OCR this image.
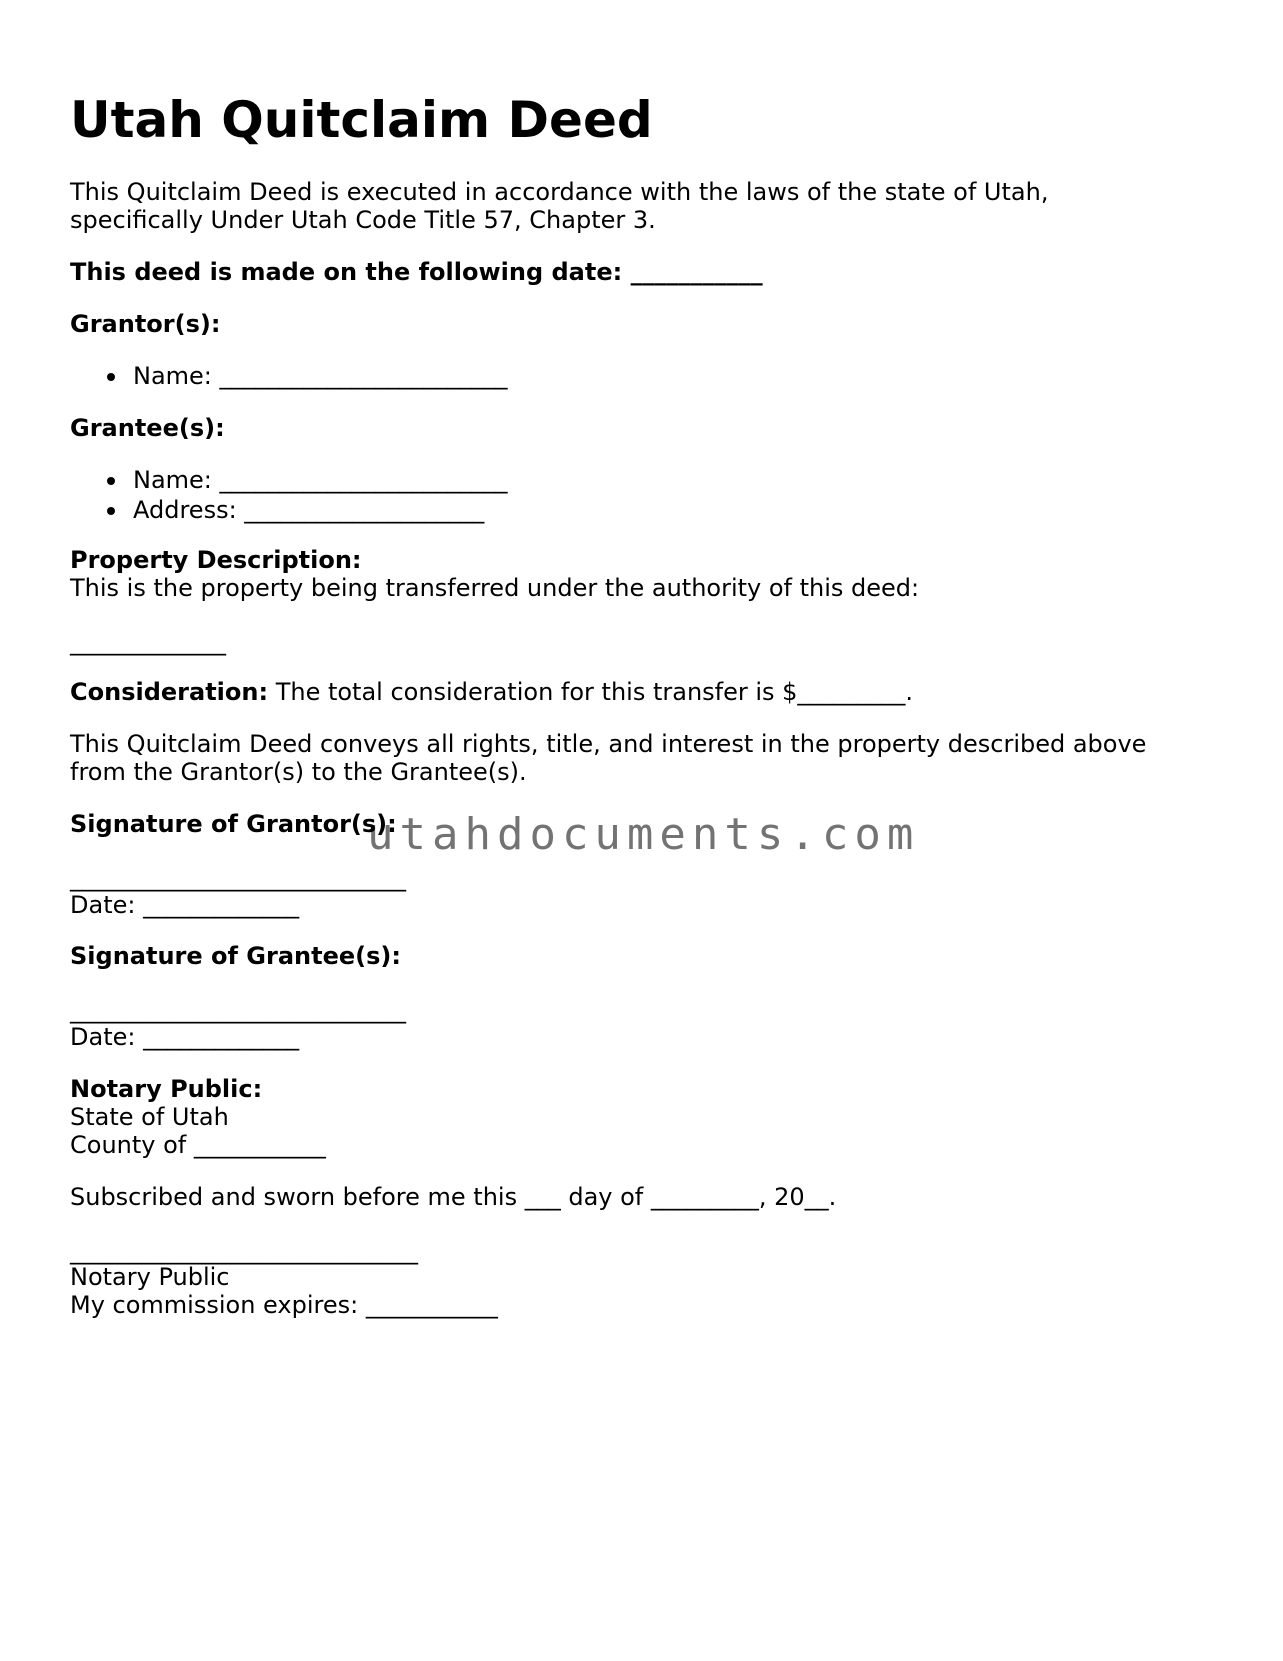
Utah Quitclaim Deed
This Quitclaim Deed is executed in accordance with the laws of the state of Utah,
specifically Under Utah Code Title 57, Chapter 3.
This deed is made on the following date: ___________
Grantor(s):
Name: ________________________
Grantee(s):
Name: ________________________
Address: ____________________
Property Description:
This is the property being transferred under the authority of this deed:
_____________
Consideration: The total consideration for this transfer is $_________.
This Quitclaim Deed conveys all rights, title, and interest in the property described above
from the Grantor(s) to the Grantee(s).
Signature of Grantor(s):
____________________________
Date: _____________
Signature of Grantee(s):
____________________________
Date: _____________
Notary Public:
State of Utah
County of ___________
Subscribed and sworn before me this ___ day of _________, 20__.
_____________________________
Notary Public
My commission expires: ___________
utahdocuments.com
